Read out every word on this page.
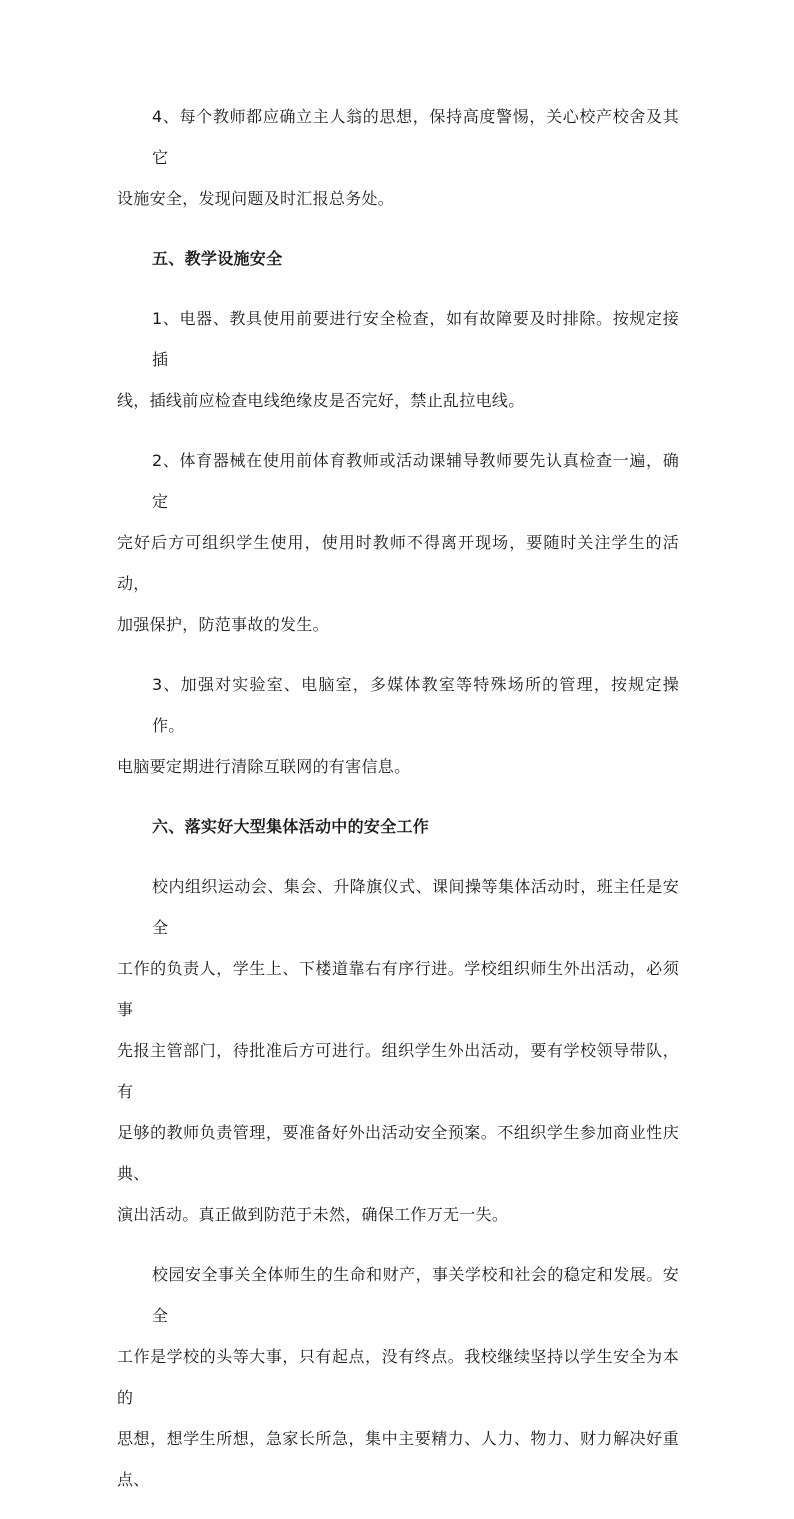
4、每个教师都应确立主人翁的思想，保持高度警惕，关心校产校舍及其它
设施安全，发现问题及时汇报总务处。

五、教学设施安全

1、电器、教具使用前要进行安全检查，如有故障要及时排除。按规定接插
线，插线前应检查电线绝缘皮是否完好，禁止乱拉电线。

2、体育器械在使用前体育教师或活动课辅导教师要先认真检查一遍，确定
完好后方可组织学生使用，使用时教师不得离开现场，要随时关注学生的活动，
加强保护，防范事故的发生。

3、加强对实验室、电脑室，多媒体教室等特殊场所的管理，按规定操作。
电脑要定期进行清除互联网的有害信息。

六、落实好大型集体活动中的安全工作

校内组织运动会、集会、升降旗仪式、课间操等集体活动时，班主任是安全
工作的负责人，学生上、下楼道靠右有序行进。学校组织师生外出活动，必须事
先报主管部门，待批准后方可进行。组织学生外出活动，要有学校领导带队，有
足够的教师负责管理，要准备好外出活动安全预案。不组织学生参加商业性庆典、
演出活动。真正做到防范于未然，确保工作万无一失。

校园安全事关全体师生的生命和财产，事关学校和社会的稳定和发展。安全
工作是学校的头等大事，只有起点，没有终点。我校继续坚持以学生安全为本的
思想，想学生所想，急家长所急，集中主要精力、人力、物力、财力解决好重点、
